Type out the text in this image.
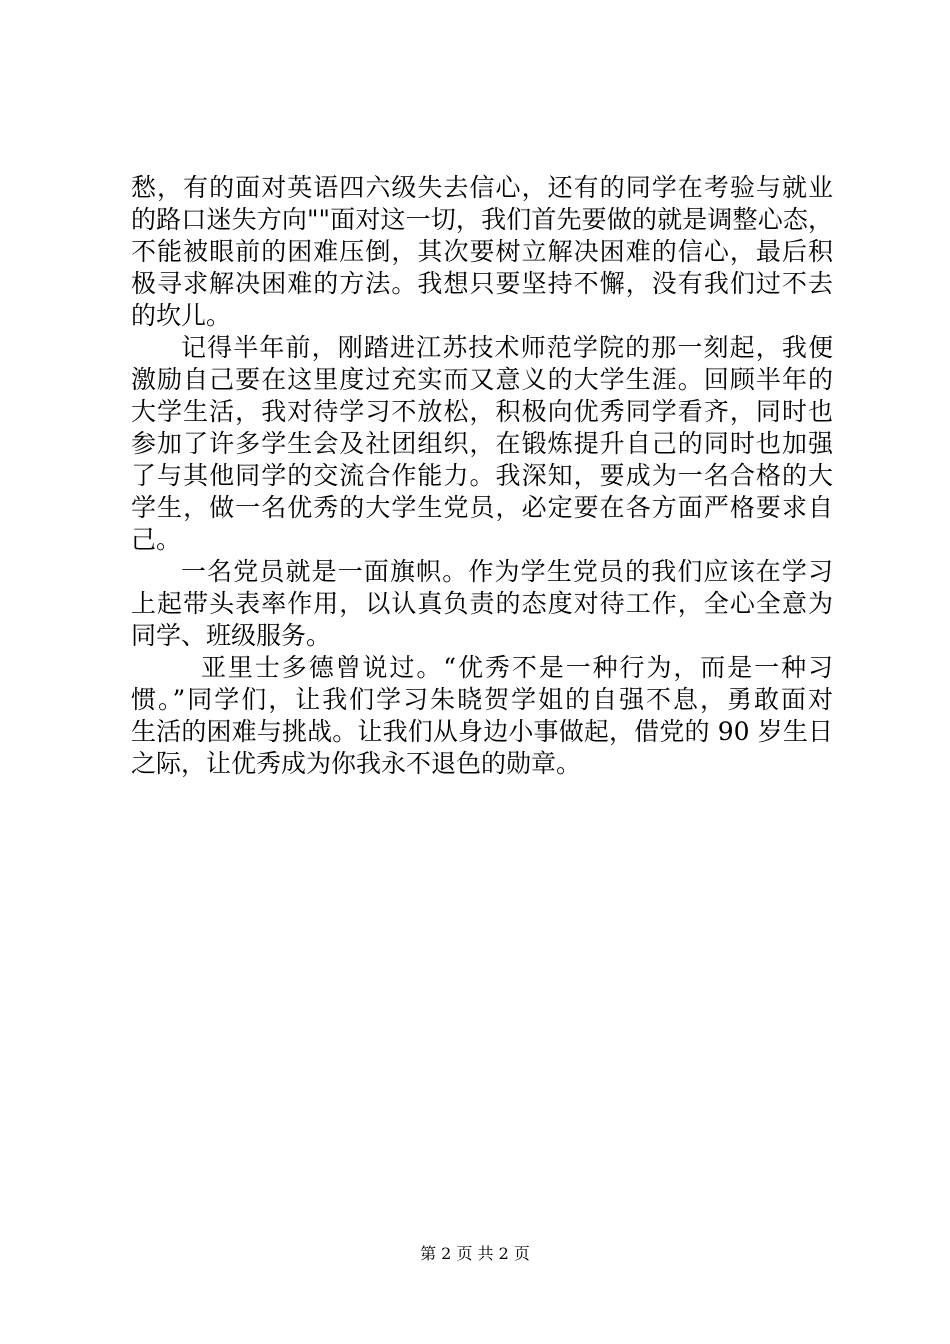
愁，有的面对英语四六级失去信心，还有的同学在考验与就业
的路口迷失方向""面对这一切，我们首先要做的就是调整心态，
不能被眼前的困难压倒，其次要树立解决困难的信心，最后积
极寻求解决困难的方法。我想只要坚持不懈，没有我们过不去
的坎儿。
记得半年前，刚踏进江苏技术师范学院的那一刻起，我便
激励自己要在这里度过充实而又意义的大学生涯。回顾半年的
大学生活，我对待学习不放松，积极向优秀同学看齐，同时也
参加了许多学生会及社团组织，在锻炼提升自己的同时也加强
了与其他同学的交流合作能力。我深知，要成为一名合格的大
学生，做一名优秀的大学生党员，必定要在各方面严格要求自
己。
一名党员就是一面旗帜。作为学生党员的我们应该在学习
上起带头表率作用，以认真负责的态度对待工作，全心全意为
同学、班级服务。
亚里士多德曾说过。“优秀不是一种行为，而是一种习
惯。”同学们，让我们学习朱晓贺学姐的自强不息，勇敢面对
生活的困难与挑战。让我们从身边小事做起，借党的 90 岁生日
之际，让优秀成为你我永不退色的勋章。
第 2 页 共 2 页
